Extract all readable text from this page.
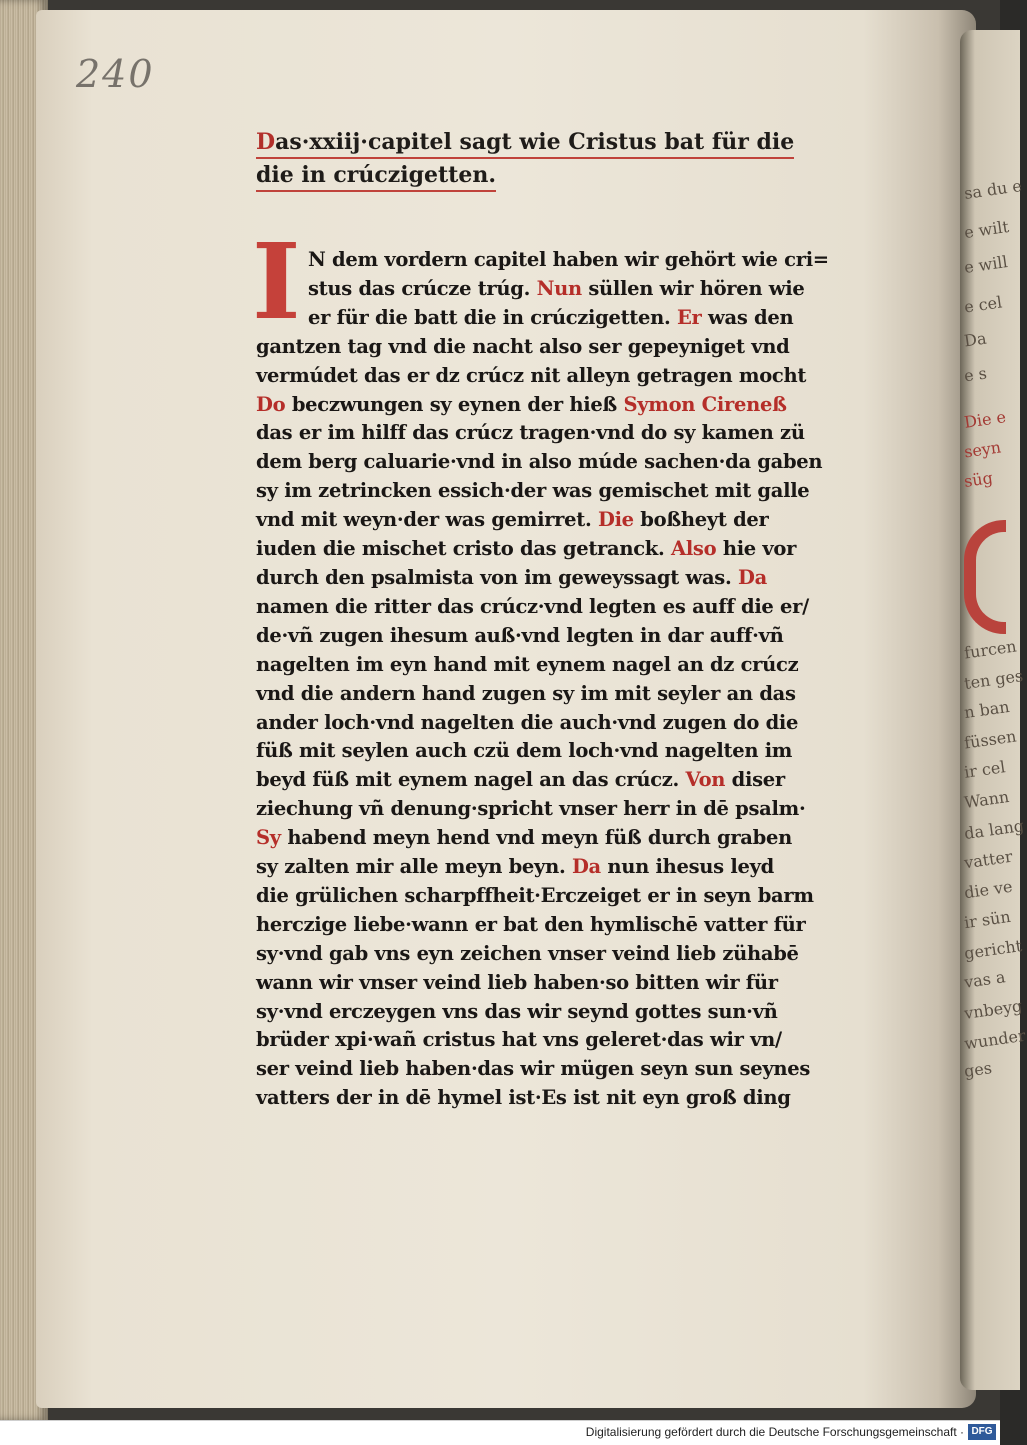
sa du e
e wilt
e will
e cel
Da
e s
Die e
seyn
süg
furcen
ten ges
n ban
füssen
ir cel
Wann
da lang
vatter
die ve
ir sün
gericht
vas a
vnbeyg
wunder
ges
240
Das·xxiij·capitel sagt wie Cristus bat für die
die in crúczigetten.
I N dem vordern capitel haben wir gehört wie cri=
stus das crúcze trúg. Nun süllen wir hören wie
er für die batt die in crúczigetten. Er was den
gantzen tag vnd die nacht also ser gepeyniget vnd
vermúdet das er dz crúcz nit alleyn getragen mocht
Do beczwungen sy eynen der hieß Symon Cireneß
das er im hilff das crúcz tragen·vnd do sy kamen zü
dem berg caluarie·vnd in also múde sachen·da gaben
sy im zetrincken essich·der was gemischet mit galle
vnd mit weyn·der was gemirret. Die boßheyt der
iuden die mischet cristo das getranck. Also hie vor
durch den psalmista von im geweyssagt was. Da
namen die ritter das crúcz·vnd legten es auff die er/
de·vñ zugen ihesum auß·vnd legten in dar auff·vñ
nagelten im eyn hand mit eynem nagel an dz crúcz
vnd die andern hand zugen sy im mit seyler an das
ander loch·vnd nagelten die auch·vnd zugen do die
füß mit seylen auch czü dem loch·vnd nagelten im
beyd füß mit eynem nagel an das crúcz. Von diser
ziechung vñ denung·spricht vnser herr in dē psalm·
Sy habend meyn hend vnd meyn füß durch graben
sy zalten mir alle meyn beyn. Da nun ihesus leyd
die grülichen scharpffheit·Erczeiget er in seyn barm
herczige liebe·wann er bat den hymlischē vatter für
sy·vnd gab vns eyn zeichen vnser veind lieb zühabē
wann wir vnser veind lieb haben·so bitten wir für
sy·vnd erczeygen vns das wir seynd gottes sun·vñ
brüder xpi·wañ cristus hat vns geleret·das wir vn/
ser veind lieb haben·das wir mügen seyn sun seynes
vatters der in dē hymel ist·Es ist nit eyn groß ding
Digitalisierung gefördert durch die Deutsche Forschungsgemeinschaft · DFG
